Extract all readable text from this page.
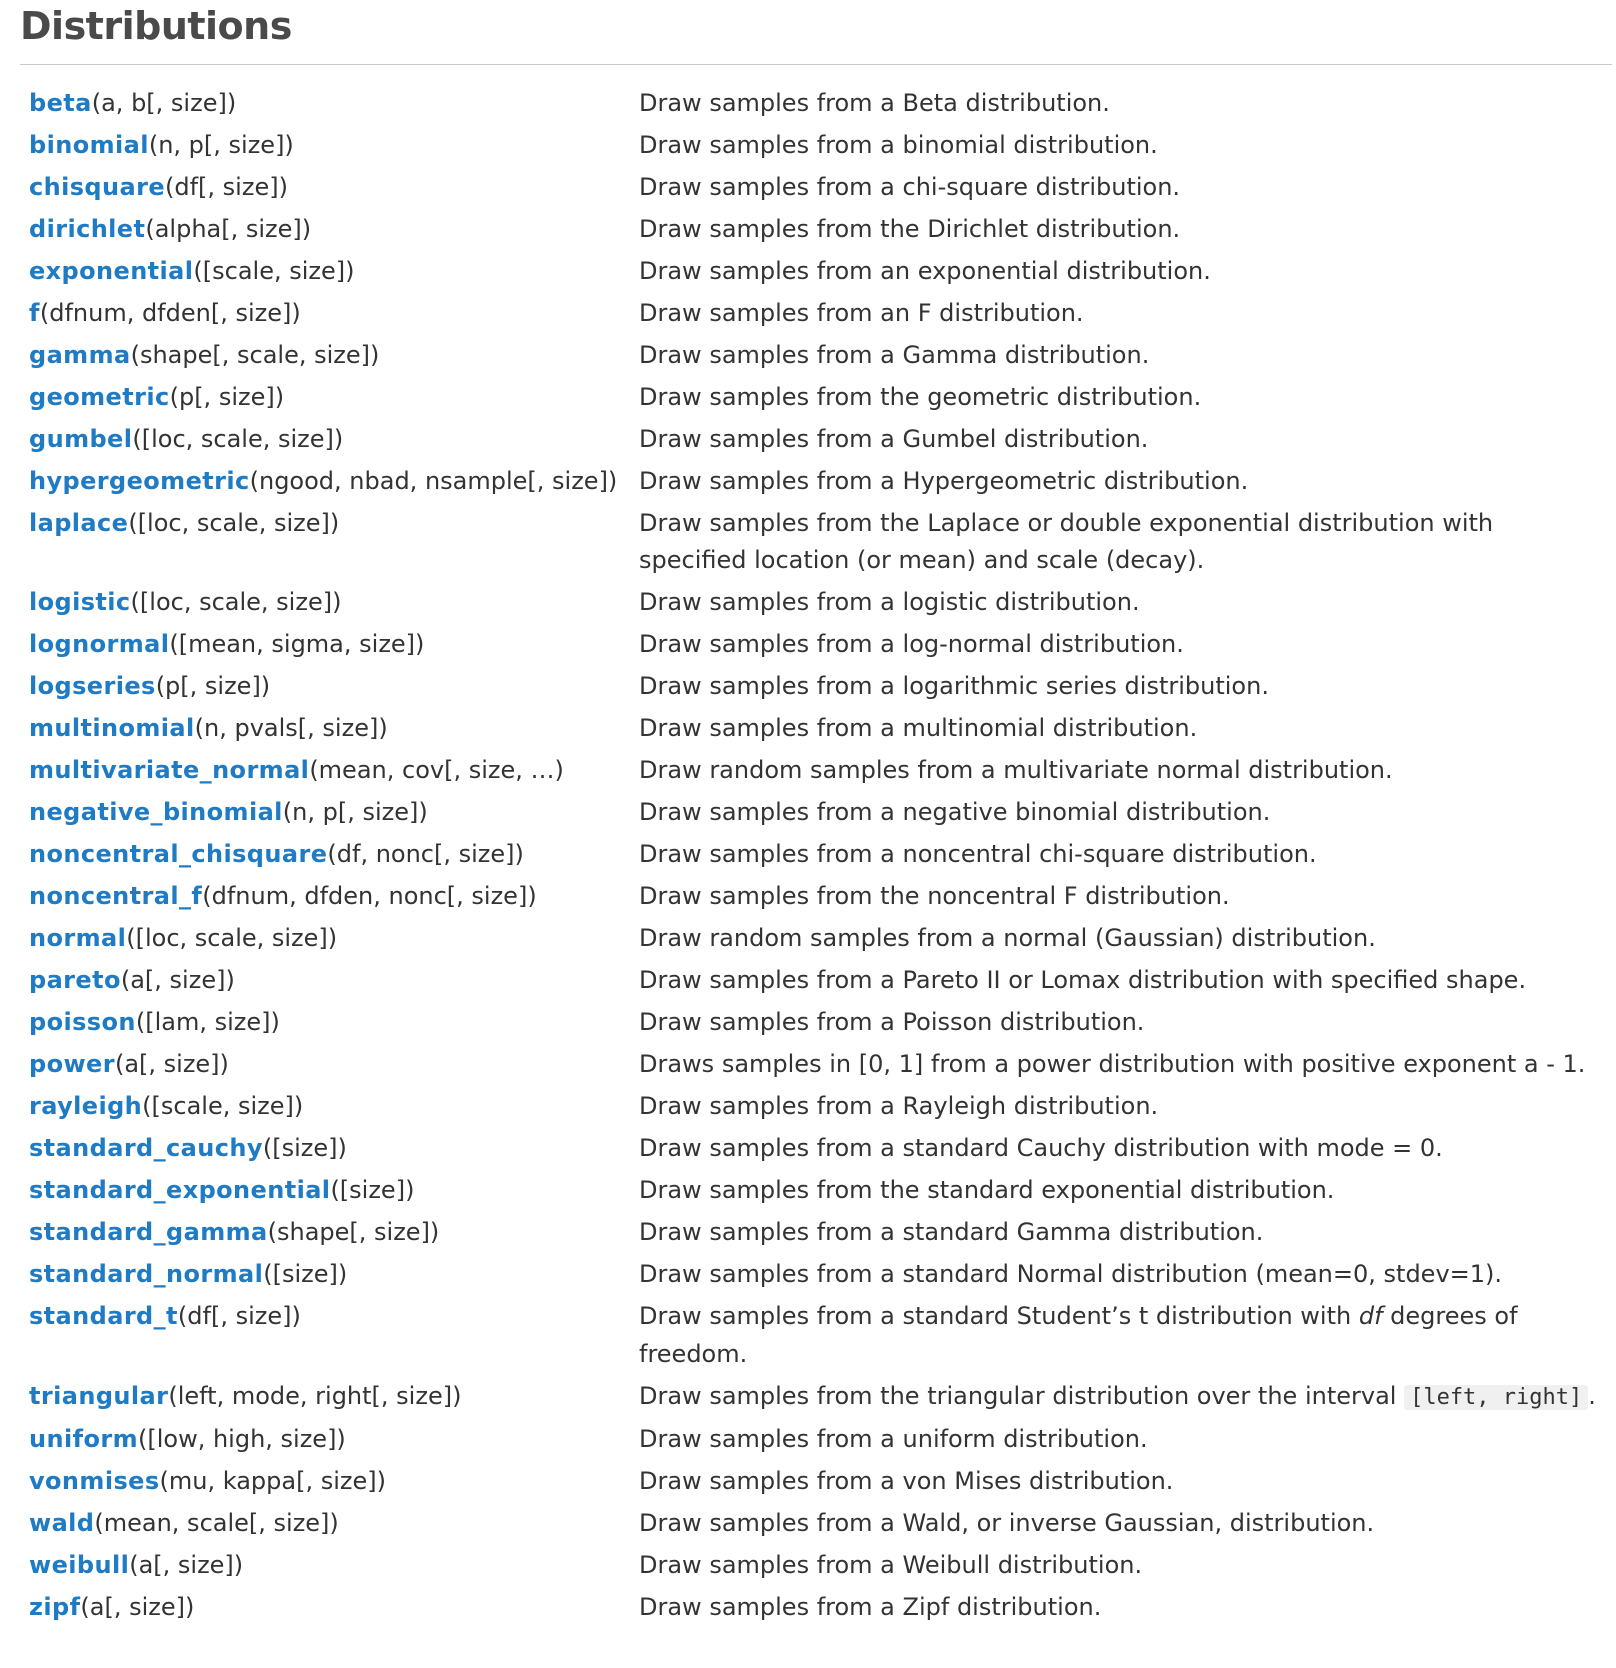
Distributions
beta(a, b[, size])	Draw samples from a Beta distribution.
binomial(n, p[, size])	Draw samples from a binomial distribution.
chisquare(df[, size])	Draw samples from a chi-square distribution.
dirichlet(alpha[, size])	Draw samples from the Dirichlet distribution.
exponential([scale, size])	Draw samples from an exponential distribution.
f(dfnum, dfden[, size])	Draw samples from an F distribution.
gamma(shape[, scale, size])	Draw samples from a Gamma distribution.
geometric(p[, size])	Draw samples from the geometric distribution.
gumbel([loc, scale, size])	Draw samples from a Gumbel distribution.
hypergeometric(ngood, nbad, nsample[, size]) Draw samples from a Hypergeometric distribution.
laplace([loc, scale, size])	Draw samples from the Laplace or double exponential distribution with specified location (or mean) and scale (decay).
logistic([loc, scale, size])	Draw samples from a logistic distribution.
lognormal([mean, sigma, size])	Draw samples from a log-normal distribution.
logseries(p[, size])	Draw samples from a logarithmic series distribution.
multinomial(n, pvals[, size])	Draw samples from a multinomial distribution.
multivariate_normal(mean, cov[, size, …)	Draw random samples from a multivariate normal distribution.
negative_binomial(n, p[, size])	Draw samples from a negative binomial distribution.
noncentral_chisquare(df, nonc[, size])	Draw samples from a noncentral chi-square distribution.
noncentral_f(dfnum, dfden, nonc[, size])	Draw samples from the noncentral F distribution.
normal([loc, scale, size])	Draw random samples from a normal (Gaussian) distribution.
pareto(a[, size])	Draw samples from a Pareto II or Lomax distribution with specified shape.
poisson([lam, size])	Draw samples from a Poisson distribution.
power(a[, size])	Draws samples in [0, 1] from a power distribution with positive exponent a - 1.
rayleigh([scale, size])	Draw samples from a Rayleigh distribution.
standard_cauchy([size])	Draw samples from a standard Cauchy distribution with mode = 0.
standard_exponential([size])	Draw samples from the standard exponential distribution.
standard_gamma(shape[, size])	Draw samples from a standard Gamma distribution.
standard_normal([size])	Draw samples from a standard Normal distribution (mean=0, stdev=1).
standard_t(df[, size])	Draw samples from a standard Student’s t distribution with df degrees of freedom.
triangular(left, mode, right[, size])	Draw samples from the triangular distribution over the interval [left, right] .
uniform([low, high, size])	Draw samples from a uniform distribution.
vonmises(mu, kappa[, size])	Draw samples from a von Mises distribution.
wald(mean, scale[, size])	Draw samples from a Wald, or inverse Gaussian, distribution.
weibull(a[, size])	Draw samples from a Weibull distribution.
zipf(a[, size])	Draw samples from a Zipf distribution.
